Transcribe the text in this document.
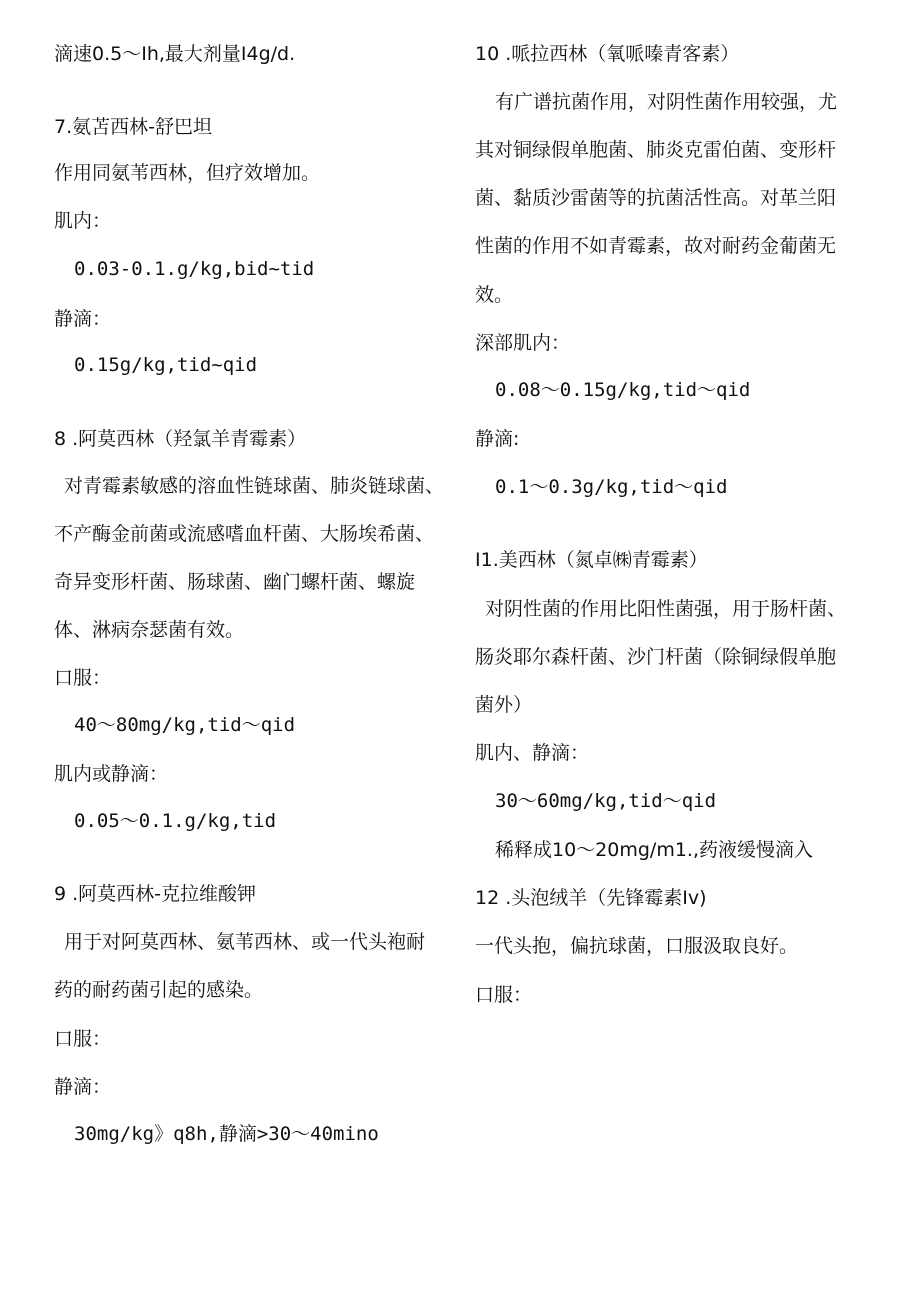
滴速0.5～Ih,最大剂量I4g/d.
7.氨苫西林-舒巴坦
作用同氨苇西林，但疗效增加。
肌内：
0.03-0.1.g/kg,bid~tid
静滴：
0.15g/kg,tid~qid
8 .阿莫西林（羟氯羊青霉素）
对青霉素敏感的溶血性链球菌、肺炎链球菌、
不产酶金前菌或流感嗜血杆菌、大肠埃希菌、
奇异变形杆菌、肠球菌、幽门螺杆菌、螺旋
体、淋病奈瑟菌有效。
口服：
40～80mg/kg,tid～qid
肌内或静滴：
0.05～0.1.g/kg,tid
9 .阿莫西林-克拉维酸钾
用于对阿莫西林、氨苇西林、或一代头袍耐
药的耐药菌引起的感染。
口服：
静滴：
30mg/kg》q8h,静滴>30～40mino
10 .哌拉西林（氧哌嗪青客素）
有广谱抗菌作用，对阴性菌作用较强，尤
其对铜绿假单胞菌、肺炎克雷伯菌、变形杆
菌、黏质沙雷菌等的抗菌活性高。对革兰阳
性菌的作用不如青霉素，故对耐药金葡菌无
效。
深部肌内：
0.08～0.15g/kg,tid～qid
静滴:
0.1～0.3g/kg,tid～qid
I1.美西林（氮卓㈱青霉素）
对阴性菌的作用比阳性菌强，用于肠杆菌、
肠炎耶尔森杆菌、沙门杆菌（除铜绿假单胞
菌外）
肌内、静滴：
30～60mg/kg,tid～qid
稀释成10～20mg/m1.,药液缓慢滴入
12 .头泡绒羊（先锋霉素Iv)
一代头抱，偏抗球菌，口服汲取良好。
口服：
